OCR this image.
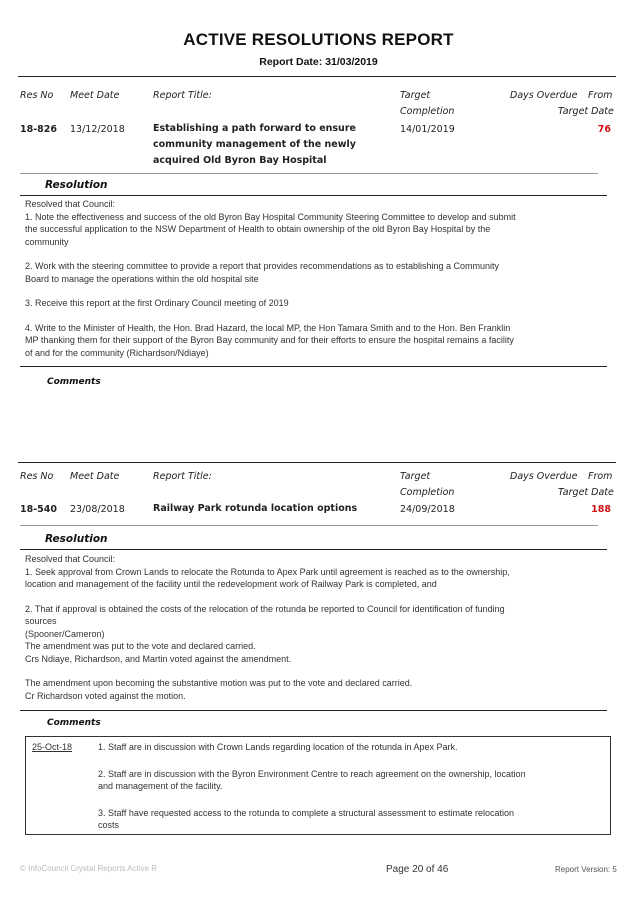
ACTIVE RESOLUTIONS REPORT
Report Date: 31/03/2019
Res No Meet Date	Report Title:	Target
Completion
Days Overdue From
Target Date
18-826 13/12/2018	Establishing a path forward to ensure
community management of the newly
acquired Old Byron Bay Hospital
14/01/2019	76
Resolution

Resolved that Council:

1. Note the effectiveness and success of the old Byron Bay Hospital Community Steering Committee to develop and submit

the successful application to the NSW Department of Health to obtain ownership of the old Byron Bay Hospital by the

community

2. Work with the steering committee to provide a report that provides recommendations as to establishing a Community

Board to manage the operations within the old hospital site

3. Receive this report at the first Ordinary Council meeting of 2019

4. Write to the Minister of Health, the Hon. Brad Hazard, the local MP, the Hon Tamara Smith and to the Hon. Ben Franklin

MP thanking them for their support of the Byron Bay community and for their efforts to ensure the hospital remains a facility

of and for the community (Richardson/Ndiaye)

Comments
Res No Meet Date	Report Title:	Target
Completion
Days Overdue From
Target Date
18-540 23/08/2018	Railway Park rotunda location options	24/09/2018	188
Resolution

Resolved that Council:

1. Seek approval from Crown Lands to relocate the Rotunda to Apex Park until agreement is reached as to the ownership,

location and management of the facility until the redevelopment work of Railway Park is completed, and

2. That if approval is obtained the costs of the relocation of the rotunda be reported to Council for identification of funding

sources

(Spooner/Cameron)

The amendment was put to the vote and declared carried.

Crs Ndiaye, Richardson, and Martin voted against the amendment.

The amendment upon becoming the substantive motion was put to the vote and declared carried.

Cr Richardson voted against the motion.

Comments
25-Oct-18	1. Staff are in discussion with Crown Lands regarding location of the rotunda in Apex Park.

2. Staff are in discussion with the Byron Environment Centre to reach agreement on the ownership, location

and management of the facility.

3. Staff have requested access to the rotunda to complete a structural assessment to estimate relocation

costs

© InfoCouncil Crystal Reports Active R	Page 20 of 46	Report Version: 5
